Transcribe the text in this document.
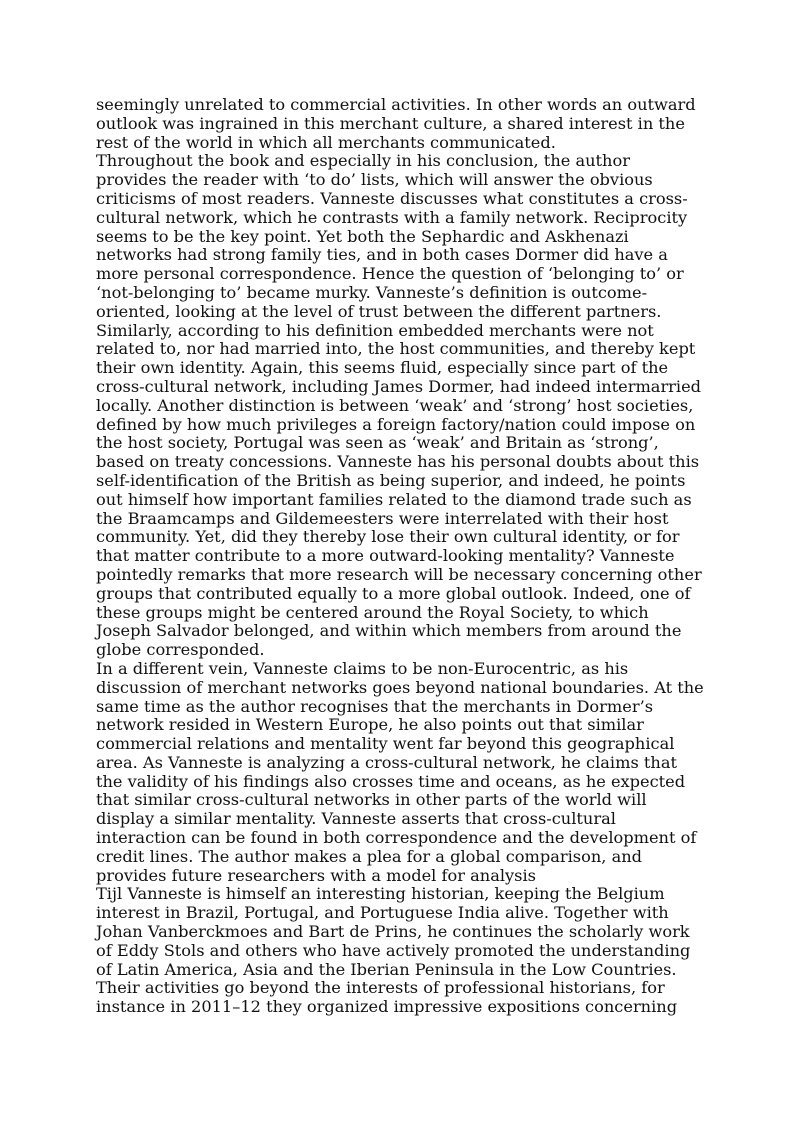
seemingly unrelated to commercial activities. In other words an outward
outlook was ingrained in this merchant culture, a shared interest in the
rest of the world in which all merchants communicated.

Throughout the book and especially in his conclusion, the author
provides the reader with ‘to do’ lists, which will answer the obvious
criticisms of most readers. Vanneste discusses what constitutes a cross-
cultural network, which he contrasts with a family network. Reciprocity
seems to be the key point. Yet both the Sephardic and Askhenazi
networks had strong family ties, and in both cases Dormer did have a
more personal correspondence. Hence the question of ‘belonging to’ or
‘not-belonging to’ became murky. Vanneste’s definition is outcome-
oriented, looking at the level of trust between the different partners.
Similarly, according to his definition embedded merchants were not
related to, nor had married into, the host communities, and thereby kept
their own identity. Again, this seems fluid, especially since part of the
cross-cultural network, including James Dormer, had indeed intermarried
locally. Another distinction is between ‘weak’ and ‘strong’ host societies,
defined by how much privileges a foreign factory/nation could impose on
the host society, Portugal was seen as ‘weak’ and Britain as ‘strong’,
based on treaty concessions. Vanneste has his personal doubts about this
self-identification of the British as being superior, and indeed, he points
out himself how important families related to the diamond trade such as
the Braamcamps and Gildemeesters were interrelated with their host
community. Yet, did they thereby lose their own cultural identity, or for
that matter contribute to a more outward-looking mentality? Vanneste
pointedly remarks that more research will be necessary concerning other
groups that contributed equally to a more global outlook. Indeed, one of
these groups might be centered around the Royal Society, to which
Joseph Salvador belonged, and within which members from around the
globe corresponded.

In a different vein, Vanneste claims to be non-Eurocentric, as his
discussion of merchant networks goes beyond national boundaries. At the
same time as the author recognises that the merchants in Dormer’s
network resided in Western Europe, he also points out that similar
commercial relations and mentality went far beyond this geographical
area. As Vanneste is analyzing a cross-cultural network, he claims that
the validity of his findings also crosses time and oceans, as he expected
that similar cross-cultural networks in other parts of the world will
display a similar mentality. Vanneste asserts that cross-cultural
interaction can be found in both correspondence and the development of
credit lines. The author makes a plea for a global comparison, and
provides future researchers with a model for analysis

Tijl Vanneste is himself an interesting historian, keeping the Belgium
interest in Brazil, Portugal, and Portuguese India alive. Together with
Johan Vanberckmoes and Bart de Prins, he continues the scholarly work
of Eddy Stols and others who have actively promoted the understanding
of Latin America, Asia and the Iberian Peninsula in the Low Countries.
Their activities go beyond the interests of professional historians, for
instance in 2011–12 they organized impressive expositions concerning
